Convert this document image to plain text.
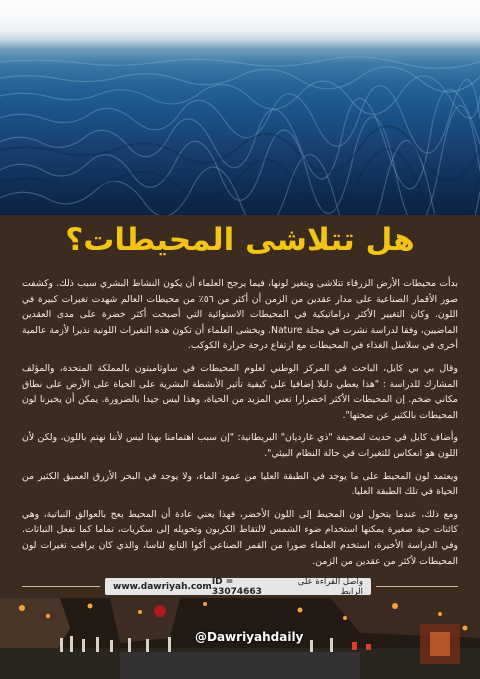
هل تتلاشى المحيطات؟

بدأت محيطات الأرض الزرقاء تتلاشى ويتغير لونها، فيما يرجح العلماء أن يكون النشاط البشري سبب ذلك. وكشفت صور الأقمار الصناعية على مدار عقدين من الزمن أن أكثر من ٥٦٪ من محيطات العالم شهدت تغيرات كبيرة في اللون. وكان التغيير الأكثر دراماتيكية في المحيطات الاستوائية التي أصبحت أكثر خضرة على مدى العقدين الماضيين، وفقا لدراسة نشرت في مجلة Nature. ويخشى العلماء أن تكون هذه التغيرات اللونية نذيرا لأزمة عالمية أخرى في سلاسل الغذاء في المحيطات مع ارتفاع درجة حرارة الكوكب.

وقال بي بي كايل، الباحث في المركز الوطني لعلوم المحيطات في ساوثامبتون بالمملكة المتحدة، والمؤلف المشارك للدراسة : "هذا يعطي دليلا إضافيا على كيفية تأثير الأنشطة البشرية على الحياة على الأرض على نطاق مكاني ضخم. إن المحيطات الأكثر اخضرارا تعني المزيد من الحياة، وهذا ليس جيدا بالضرورة. يمكن أن يخبرنا لون المحيطات بالكثير عن صحتها".

وأضاف كايل في حديث لصحيفة "ذي غارديان" البريطانية: "إن سبب اهتمامنا بهذا ليس لأننا نهتم باللون، ولكن لأن اللون هو انعكاس للتغيرات في حالة النظام البيئي".

ويعتمد لون المحيط على ما يوجد في الطبقة العليا من عمود الماء، ولا يوجد في البحر الأزرق العميق الكثير من الحياة في تلك الطبقة العليا.

ومع ذلك، عندما يتحول لون المحيط إلى اللون الأخضر، فهذا يعني عادة أن المحيط يعج بالعوالق النباتية، وهي كائنات حية صغيرة يمكنها استخدام ضوء الشمس لالتقاط الكربون وتحويله إلى سكريات، تماما كما تفعل النباتات. وفي الدراسة الأخيرة، استخدم العلماء صورا من القمر الصناعي أكوا التابع لناسا، والذي كان يراقب تغيرات لون المحيطات لأكثر من عقدين من الزمن.

www.dawriyah.com ID = 33074663
واصل القراءة على الرابط
@Dawriyahdaily
